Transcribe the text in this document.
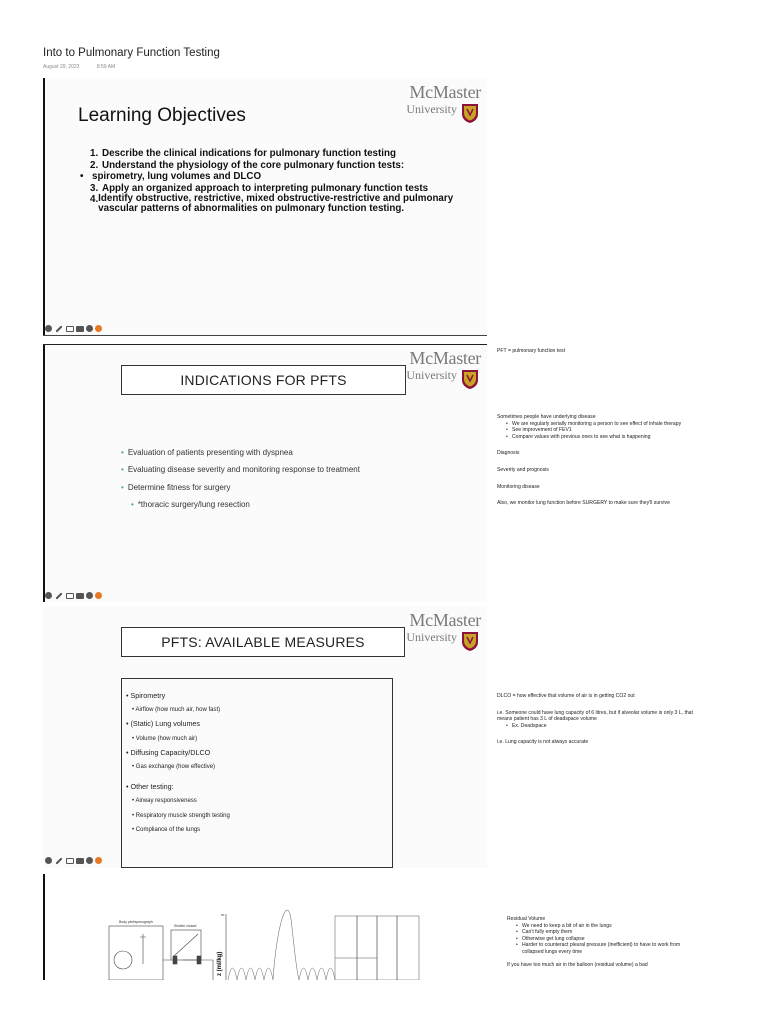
Into to Pulmonary Function Testing
August 29, 2022	8:59 AM
McMaster
University
Learning Objectives
1. Describe the clinical indications for pulmonary function testing
2. Understand the physiology of the core pulmonary function tests:
• spirometry, lung volumes and DLCO
3. Apply an organized approach to interpreting pulmonary function tests
4. Identify obstructive, restrictive, mixed obstructive-restrictive and pulmonary vascular patterns of abnormalities on pulmonary function testing.
McMaster
University
INDICATIONS FOR PFTS
• Evaluation of patients presenting with dyspnea
• Evaluating disease severity and monitoring response to treatment
• Determine fitness for surgery
• *thoracic surgery/lung resection
McMaster
University
PFTS: AVAILABLE MEASURES
• Spirometry
• Airflow (how much air, how fast)
• (Static) Lung volumes
• Volume (how much air)
• Diffusing Capacity/DLCO
• Gas exchange (how effective)
• Other testing:
• Airway responsiveness
• Respiratory muscle strength testing
• Compliance of the lungs
Body plethysmograph
Shutter closed
z (ml/kg)
50

PFT = pulmonary function test

Sometimes people have underlying disease

• We are regularly serially monitoring a person to see effect of inhale therapy
• See improvement of FEV1
• Compare values with previous ones to see what is happening

Diagnosis

Severity and prognosis

Monitoring disease

Also, we monitor lung function before SURGERY to make sure they'll survive

DLCO = how effective that volume of air is in getting CO2 out

i.e. Someone could have lung capacity of 6 litres, but if alveolar volume is only 3 L, that means patient has 3 L of deadspace volume

• Ex. Deadspace

i.e. Lung capacity is not always accurate

Residual Volume

• We need to keep a bit of air in the lungs
• Can't fully empty them
• Otherwise get lung collapse
• Harder to counteract pleural pressure (inefficient) to have to work from collapsed lungs every time

If you have too much air in the balloon (residual volume) a bad
